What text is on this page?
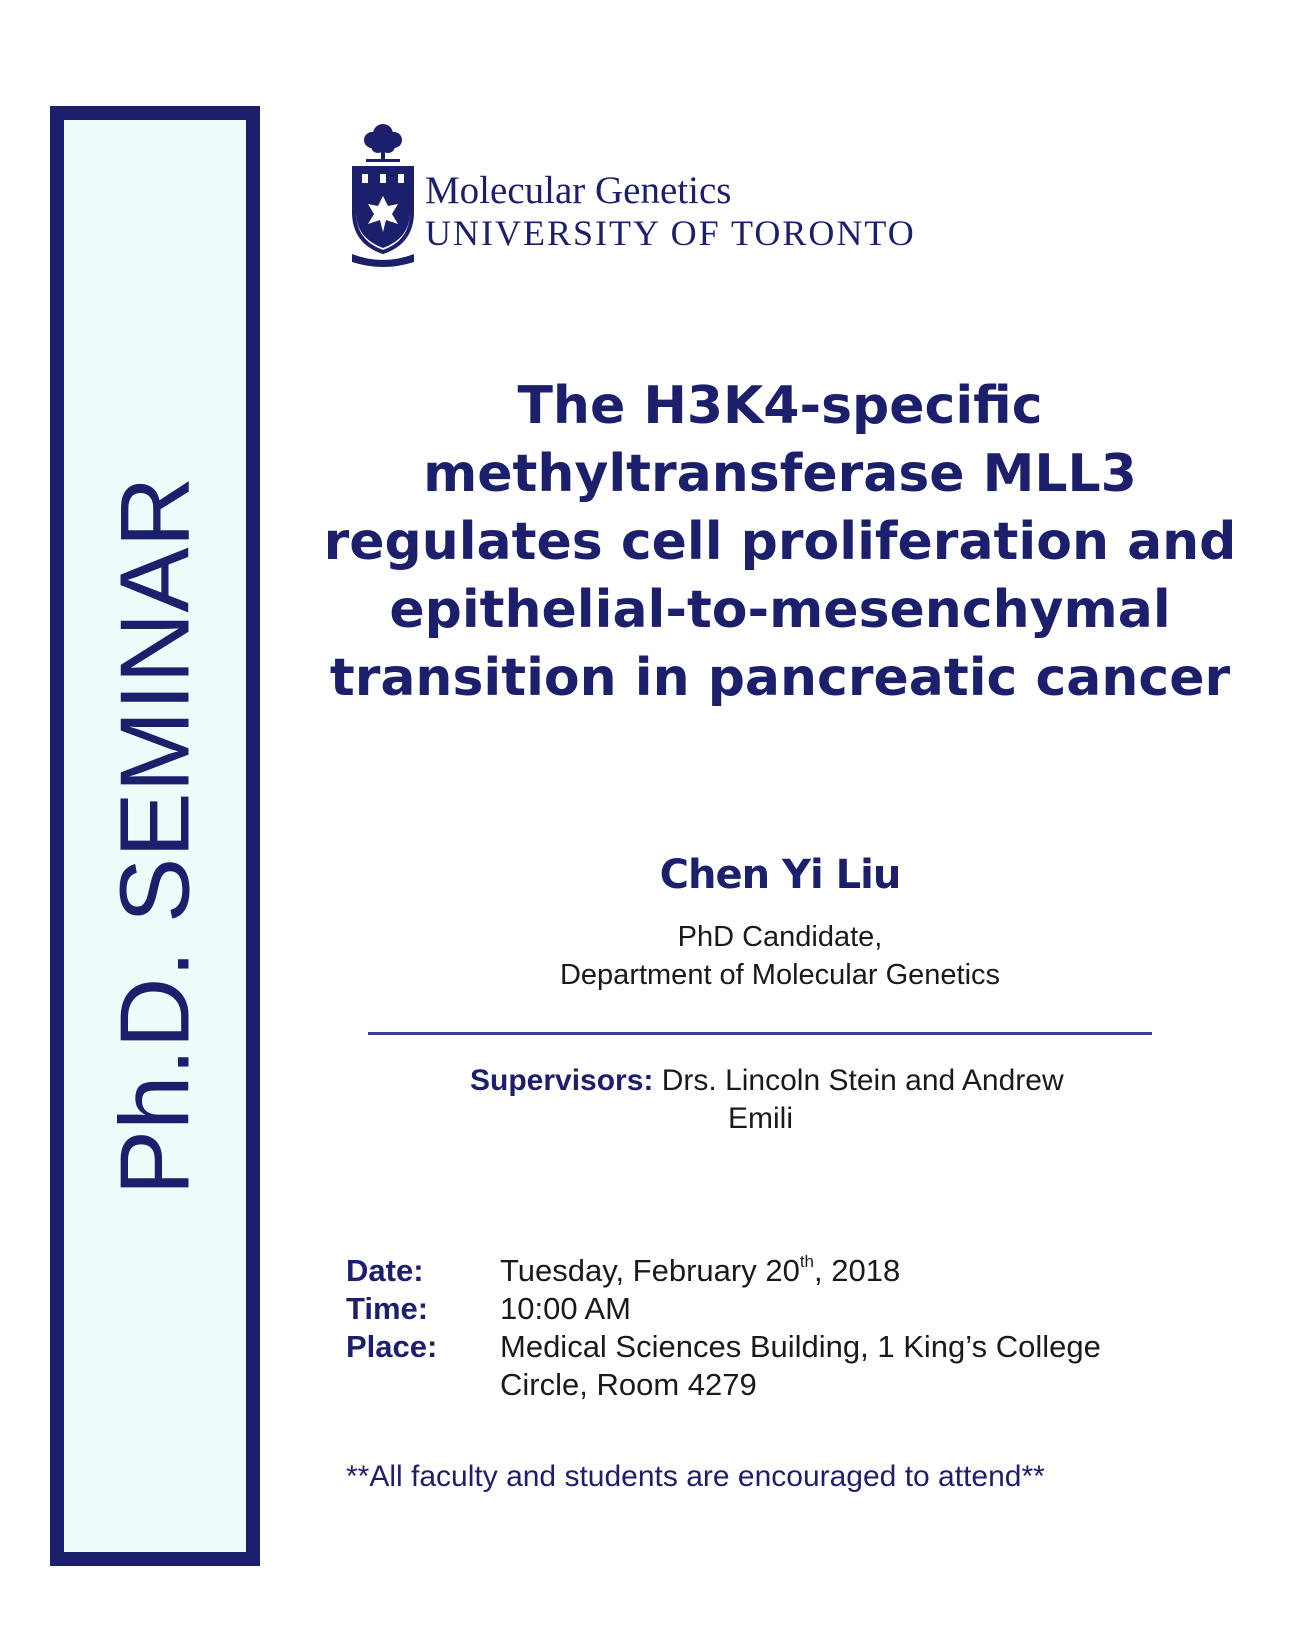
Ph.D. SEMINAR
Molecular Genetics
UNIVERSITY OF TORONTO
The H3K4-specific methyltransferase MLL3 regulates cell proliferation and epithelial-to-mesenchymal transition in pancreatic cancer
Chen Yi Liu
PhD Candidate,
Department of Molecular Genetics
Supervisors: Drs. Lincoln Stein and Andrew
Emili
Date:	Tuesday, February 20th, 2018
Time:	10:00 AM
Place:	Medical Sciences Building, 1 King’s College
Circle, Room 4279
**All faculty and students are encouraged to attend**
